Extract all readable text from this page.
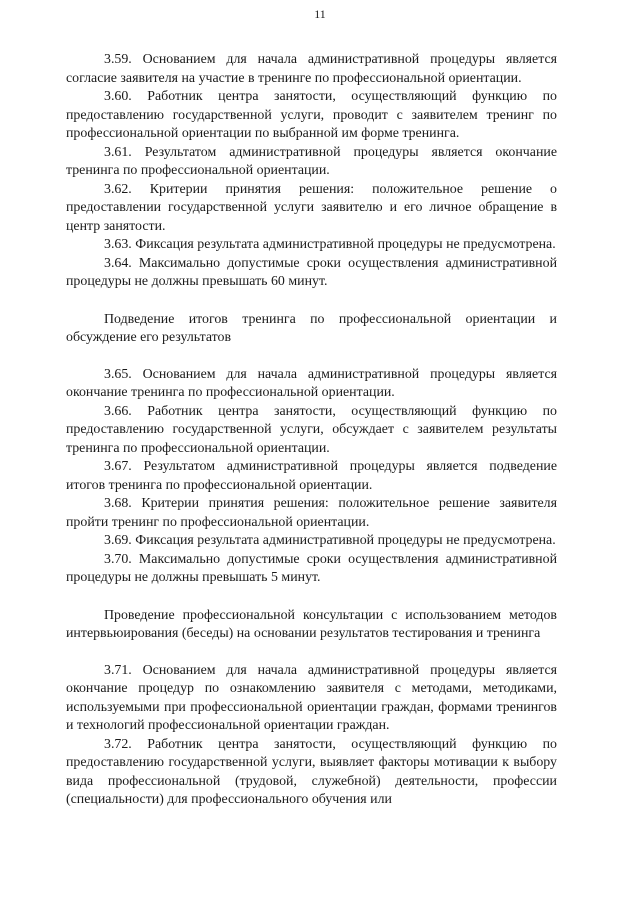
11

3.59. Основанием для начала административной процедуры является согласие заявителя на участие в тренинге по профессиональной ориентации.

3.60. Работник центра занятости, осуществляющий функцию по предоставлению государственной услуги, проводит с заявителем тренинг по профессиональной ориентации по выбранной им форме тренинга.

3.61. Результатом административной процедуры является окончание тренинга по профессиональной ориентации.

3.62. Критерии принятия решения: положительное решение о предоставлении государственной услуги заявителю и его личное обращение в центр занятости.

3.63. Фиксация результата административной процедуры не предусмотрена.

3.64. Максимально допустимые сроки осуществления административной процедуры не должны превышать 60 минут.

Подведение итогов тренинга по профессиональной ориентации и обсуждение его результатов

3.65. Основанием для начала административной процедуры является окончание тренинга по профессиональной ориентации.

3.66. Работник центра занятости, осуществляющий функцию по предоставлению государственной услуги, обсуждает с заявителем результаты тренинга по профессиональной ориентации.

3.67. Результатом административной процедуры является подведение итогов тренинга по профессиональной ориентации.

3.68. Критерии принятия решения: положительное решение заявителя пройти тренинг по профессиональной ориентации.

3.69. Фиксация результата административной процедуры не предусмотрена.

3.70. Максимально допустимые сроки осуществления административной процедуры не должны превышать 5 минут.

Проведение профессиональной консультации с использованием методов интервьюирования (беседы) на основании результатов тестирования и тренинга

3.71. Основанием для начала административной процедуры является окончание процедур по ознакомлению заявителя с методами, методиками, используемыми при профессиональной ориентации граждан, формами тренингов и технологий профессиональной ориентации граждан.

3.72. Работник центра занятости, осуществляющий функцию по предоставлению государственной услуги, выявляет факторы мотивации к выбору вида профессиональной (трудовой, служебной) деятельности, профессии (специальности) для профессионального обучения или
